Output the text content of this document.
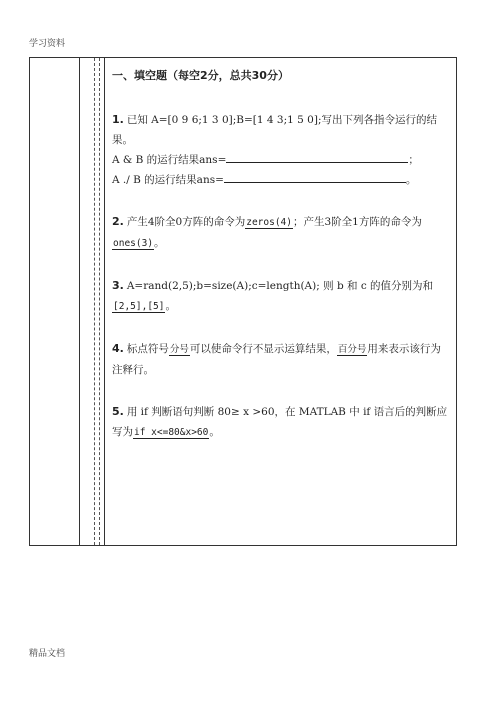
学习资料
一、填空题（每空2分，总共30分）
1. 已知 A=[0 9 6;1 3 0];B=[1 4 3;1 5 0];写出下列各指令运行的结果。
A & B 的运行结果ans=	；
A ./ B 的运行结果ans=	。
2. 产生4阶全0方阵的命令为zeros(4)；产生3阶全1方阵的命令为ones(3)。
3. A=rand(2,5);b=size(A);c=length(A); 则 b 和 c 的值分别为和[2,5],[5]。
4. 标点符号分号可以使命令行不显示运算结果，百分号用来表示该行为注释行。
5. 用 if 判断语句判断 80≥ x >60，在 MATLAB 中 if 语言后的判断应写为if x<=80&x>60。
精品文档
